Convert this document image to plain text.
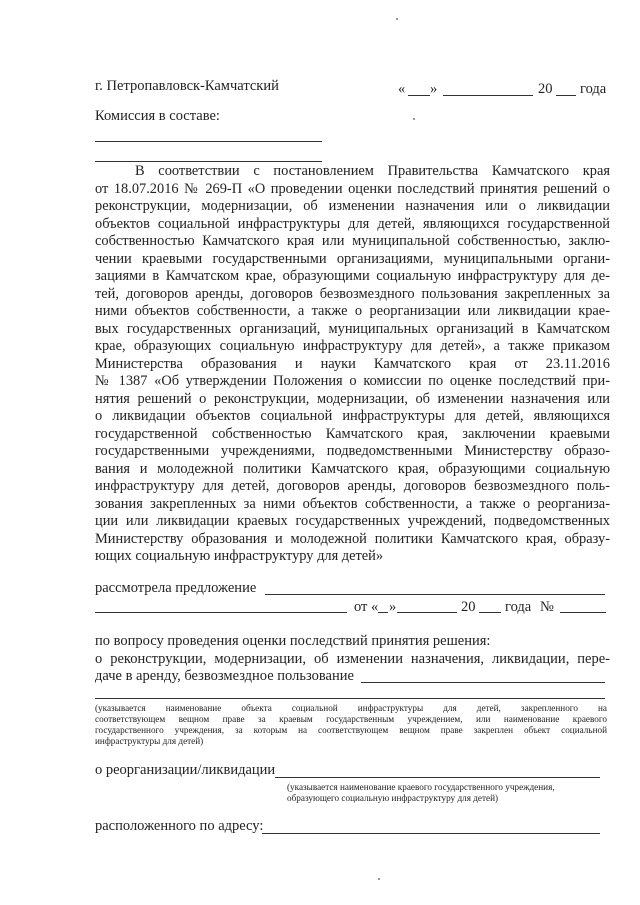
г. Петропавловск-Камчатский	« »	20 года
Комиссия в составе:
В соответствии с постановлением Правительства Камчатского края
от 18.07.2016 № 269-П «О проведении оценки последствий принятия решений о
реконструкции, модернизации, об изменении назначения или о ликвидации
объектов социальной инфраструктуры для детей, являющихся государственной
собственностью Камчатского края или муниципальной собственностью, заклю-
чении краевыми государственными организациями, муниципальными органи-
зациями в Камчатском крае, образующими социальную инфраструктуру для де-
тей, договоров аренды, договоров безвозмездного пользования закрепленных за
ними объектов собственности, а также о реорганизации или ликвидации крае-
вых государственных организаций, муниципальных организаций в Камчатском
крае, образующих социальную инфраструктуру для детей», а также приказом
Министерства образования и науки Камчатского края от 23.11.2016
№ 1387 «Об утверждении Положения о комиссии по оценке последствий при-
нятия решений о реконструкции, модернизации, об изменении назначения или
о ликвидации объектов социальной инфраструктуры для детей, являющихся
государственной собственностью Камчатского края, заключении краевыми
государственными учреждениями, подведомственными Министерству образо-
вания и молодежной политики Камчатского края, образующими социальную
инфраструктуру для детей, договоров аренды, договоров безвозмездного поль-
зования закрепленных за ними объектов собственности, а также о реорганиза-
ции или ликвидации краевых государственных учреждений, подведомственных
Министерству образования и молодежной политики Камчатского края, образу-
ющих социальную инфраструктуру для детей»
рассмотрела предложение
от « »	20 года №
по вопросу проведения оценки последствий принятия решения:
о реконструкции, модернизации, об изменении назначения, ликвидации, пере-
даче в аренду, безвозмездное пользование
(указывается наименование объекта социальной инфраструктуры для детей, закрепленного на
соответствующем вещном праве за краевым государственным учреждением, или наименование краевого
государственного учреждения, за которым на соответствующем вещном праве закреплен объект социальной
инфраструктуры для детей)
о реорганизации/ликвидации
(указывается наименование краевого государственного учреждения,
образующего социальную инфраструктуру для детей)
расположенного по адресу:
